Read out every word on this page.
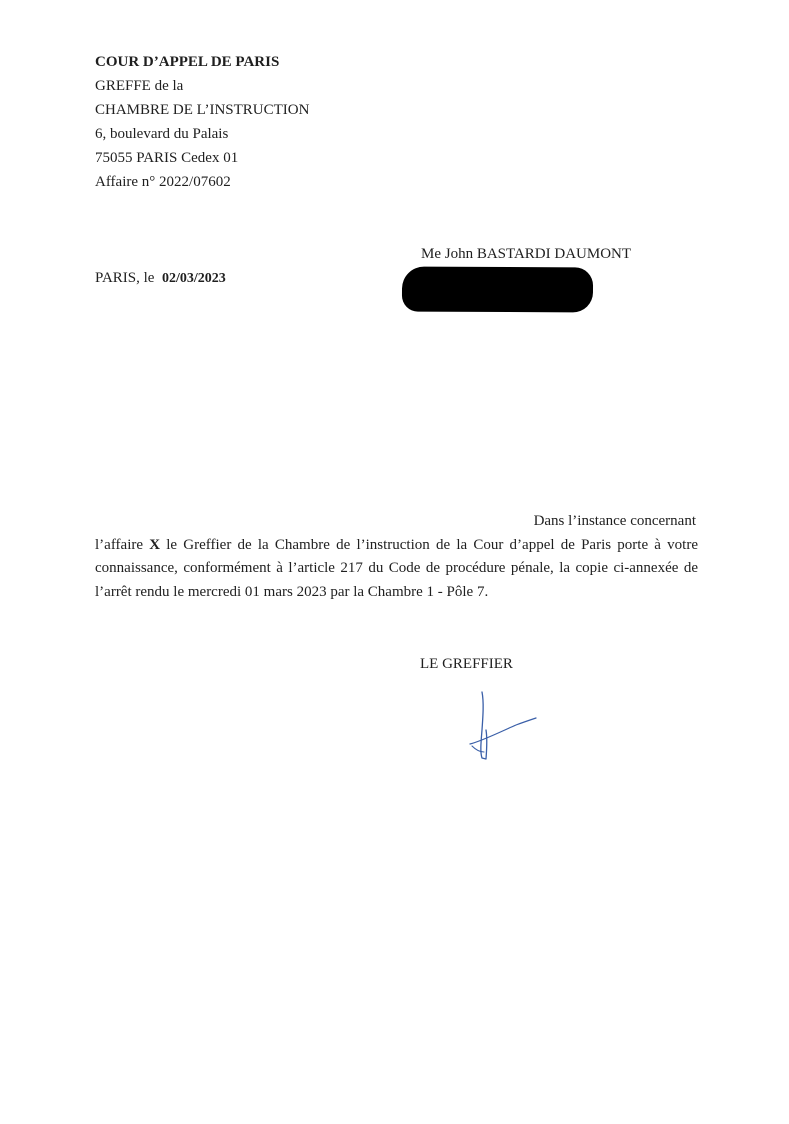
COUR D’APPEL DE PARIS
GREFFE de la
CHAMBRE DE L’INSTRUCTION
6, boulevard du Palais
75055 PARIS Cedex 01
Affaire n° 2022/07602
PARIS, le 02/03/2023
Me John BASTARDI DAUMONT
Dans l’instance concernant
l’affaire X le Greffier de la Chambre de l’instruction de la Cour d’appel de Paris porte à votre connaissance, conformément à l’article 217 du Code de procédure pénale, la copie ci-annexée de l’arrêt rendu le mercredi 01 mars 2023 par la Chambre 1 - Pôle 7.
LE GREFFIER
